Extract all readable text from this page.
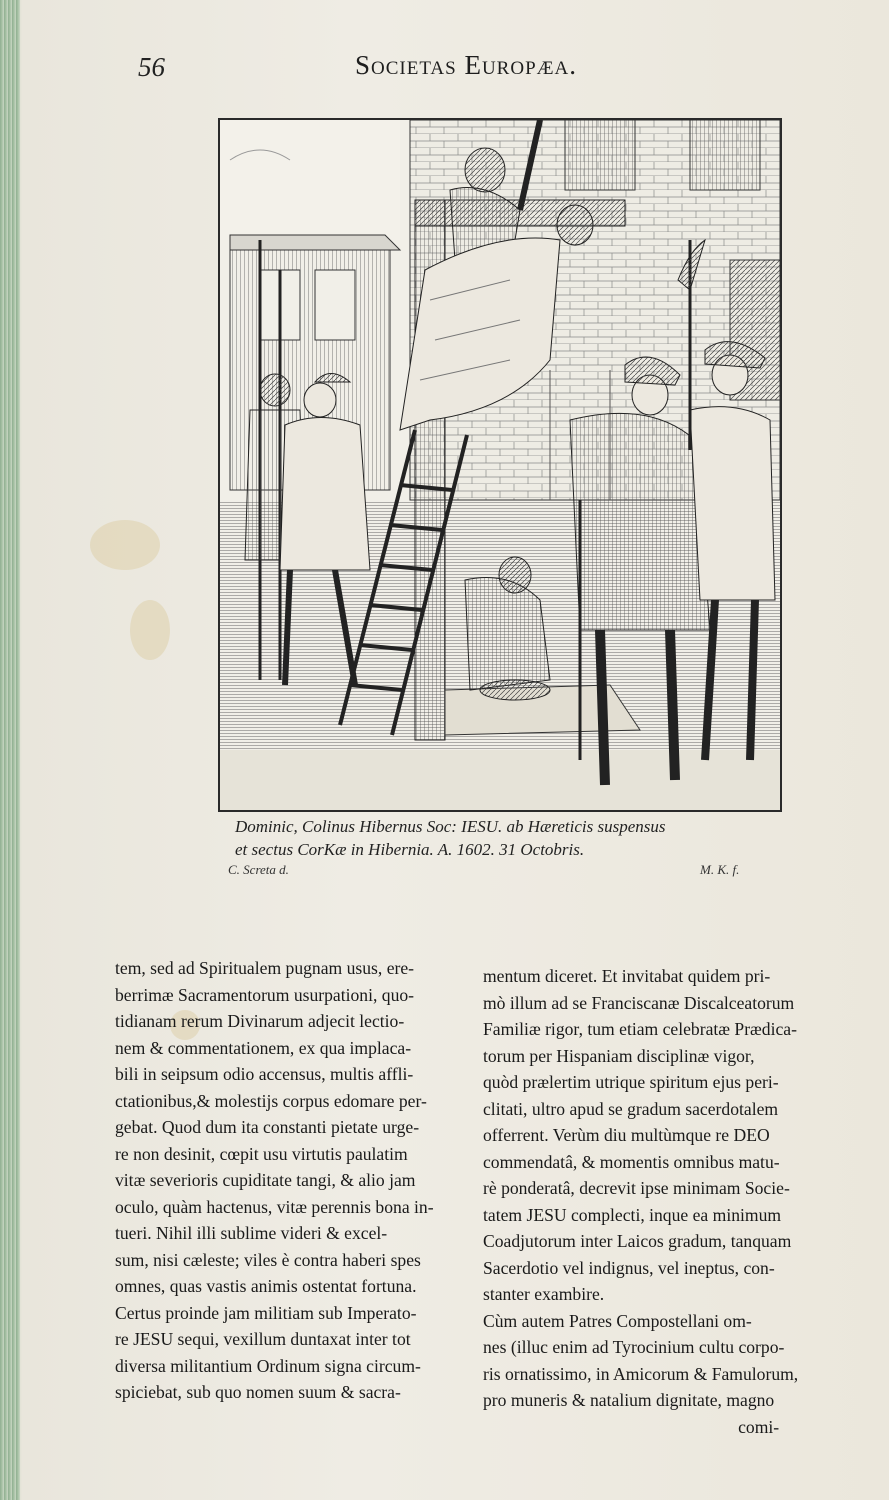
56	Societas Europæa.
Dominic, Colinus Hibernus Soc: IESU. ab Hæreticis suspensus
et sectus CorKæ in Hibernia. A. 1602. 31 Octobris.
C. Screta d.	M. K. f.
tem, sed ad Spiritualem pugnam usus, ere-
berrimæ Sacramentorum usurpationi, quo-
tidianam rerum Divinarum adjecit lectio-
nem & commentationem, ex qua implaca-
bili in seipsum odio accensus, multis affli-
ctationibus,& molestijs corpus edomare per-
gebat. Quod dum ita constanti pietate urge-
re non desinit, cœpit usu virtutis paulatim
vitæ severioris cupiditate tangi, & alio jam
oculo, quàm hactenus, vitæ perennis bona in-
tueri. Nihil illi sublime videri & excel-
sum, nisi cæleste; viles è contra haberi spes
omnes, quas vastis animis ostentat fortuna.
Certus proinde jam militiam sub Imperato-
re JESU sequi, vexillum duntaxat inter tot
diversa militantium Ordinum signa circum-
spiciebat, sub quo nomen suum & sacra-
mentum diceret. Et invitabat quidem pri-
mò illum ad se Franciscanæ Discalceatorum
Familiæ rigor, tum etiam celebratæ Prædica-
torum per Hispaniam disciplinæ vigor,
quòd prælertim utrique spiritum ejus peri-
clitati, ultro apud se gradum sacerdotalem
offerrent. Verùm diu multùmque re DEO
commendatâ, & momentis omnibus matu-
rè ponderatâ, decrevit ipse minimam Socie-
tatem JESU complecti, inque ea minimum
Coadjutorum inter Laicos gradum, tanquam
Sacerdotio vel indignus, vel ineptus, con-
stanter exambire.
Cùm autem Patres Compostellani om-
nes (illuc enim ad Tyrocinium cultu corpo-
ris ornatissimo, in Amicorum & Famulorum,
pro muneris & natalium dignitate, magno
comi-
